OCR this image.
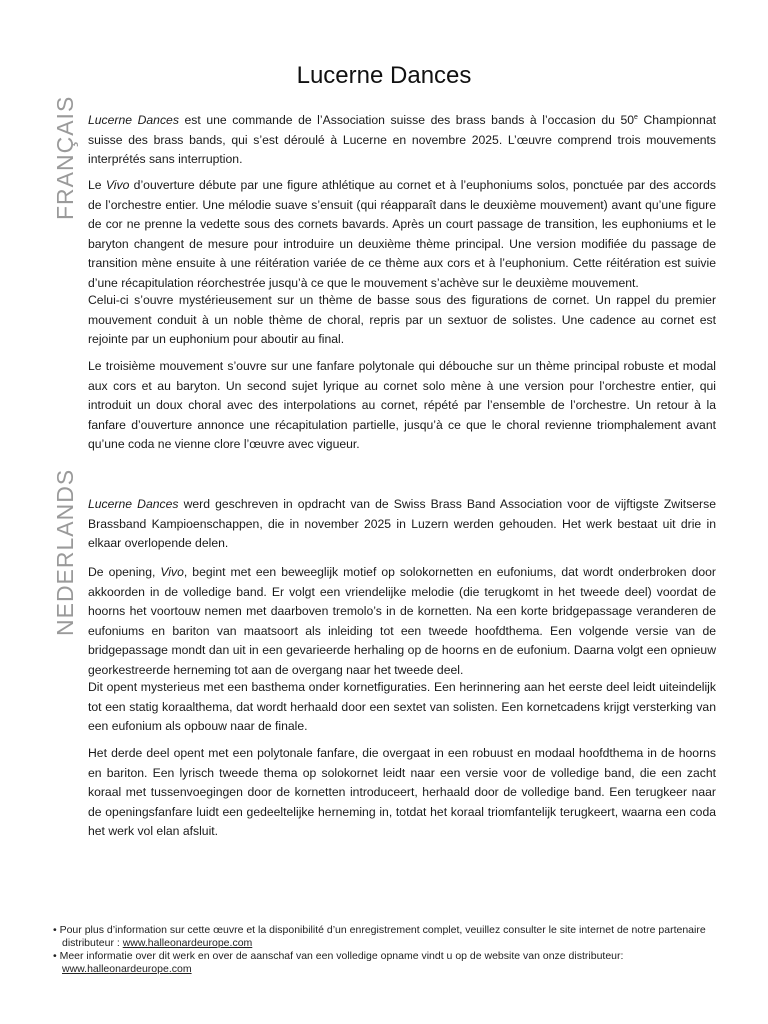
Lucerne Dances
FRANÇAIS Lucerne Dances est une commande de l’Association suisse des brass bands à l’occasion du 50e Championnat suisse des brass bands, qui s’est déroulé à Lucerne en novembre 2025. L’œuvre comprend trois mouvements interprétés sans interruption.

Le Vivo d’ouverture débute par une figure athlétique au cornet et à l’euphoniums solos, ponctuée par des accords de l’orchestre entier. Une mélodie suave s’ensuit (qui réapparaît dans le deuxième mouvement) avant qu’une figure de cor ne prenne la vedette sous des cornets bavards. Après un court passage de transition, les euphoniums et le baryton changent de mesure pour introduire un deuxième thème principal. Une version modifiée du passage de transition mène ensuite à une réitération variée de ce thème aux cors et à l’euphonium. Cette réitération est suivie d’une récapitulation réorchestrée jusqu’à ce que le mouvement s’achève sur le deuxième mouvement.

Celui-ci s’ouvre mystérieusement sur un thème de basse sous des figurations de cornet. Un rappel du premier mouvement conduit à un noble thème de choral, repris par un sextuor de solistes. Une cadence au cornet est rejointe par un euphonium pour aboutir au final.

Le troisième mouvement s’ouvre sur une fanfare polytonale qui débouche sur un thème principal robuste et modal aux cors et au baryton. Un second sujet lyrique au cornet solo mène à une version pour l’orchestre entier, qui introduit un doux choral avec des interpolations au cornet, répété par l’ensemble de l’orchestre. Un retour à la fanfare d’ouverture annonce une récapitulation partielle, jusqu’à ce que le choral revienne triomphalement avant qu’une coda ne vienne clore l’œuvre avec vigueur.

NEDERLANDS Lucerne Dances werd geschreven in opdracht van de Swiss Brass Band Association voor de vijftigste Zwitserse Brassband Kampioenschappen, die in november 2025 in Luzern werden gehouden. Het werk bestaat uit drie in elkaar overlopende delen.

De opening, Vivo, begint met een beweeglijk motief op solokornetten en eufoniums, dat wordt onderbroken door akkoorden in de volledige band. Er volgt een vriendelijke melodie (die terugkomt in het tweede deel) voordat de hoorns het voortouw nemen met daarboven tremolo’s in de kornetten. Na een korte bridgepassage veranderen de eufoniums en bariton van maatsoort als inleiding tot een tweede hoofdthema. Een volgende versie van de bridgepassage mondt dan uit in een gevarieerde herhaling op de hoorns en de eufonium. Daarna volgt een opnieuw georkestreerde herneming tot aan de overgang naar het tweede deel.

Dit opent mysterieus met een basthema onder kornetfiguraties. Een herinnering aan het eerste deel leidt uiteindelijk tot een statig koraalthema, dat wordt herhaald door een sextet van solisten. Een kornetcadens krijgt versterking van een eufonium als opbouw naar de finale.

Het derde deel opent met een polytonale fanfare, die overgaat in een robuust en modaal hoofdthema in de hoorns en bariton. Een lyrisch tweede thema op solokornet leidt naar een versie voor de volledige band, die een zacht koraal met tussenvoegingen door de kornetten introduceert, herhaald door de volledige band. Een terugkeer naar de openingsfanfare luidt een gedeeltelijke herneming in, totdat het koraal triomfantelijk terugkeert, waarna een coda het werk vol elan afsluit.

• Pour plus d’information sur cette œuvre et la disponibilité d’un enregistrement complet, veuillez consulter le site internet de notre partenaire distributeur : www.halleonardeurope.com

• Meer informatie over dit werk en over de aanschaf van een volledige opname vindt u op de website van onze distributeur:
www.halleonardeurope.com
